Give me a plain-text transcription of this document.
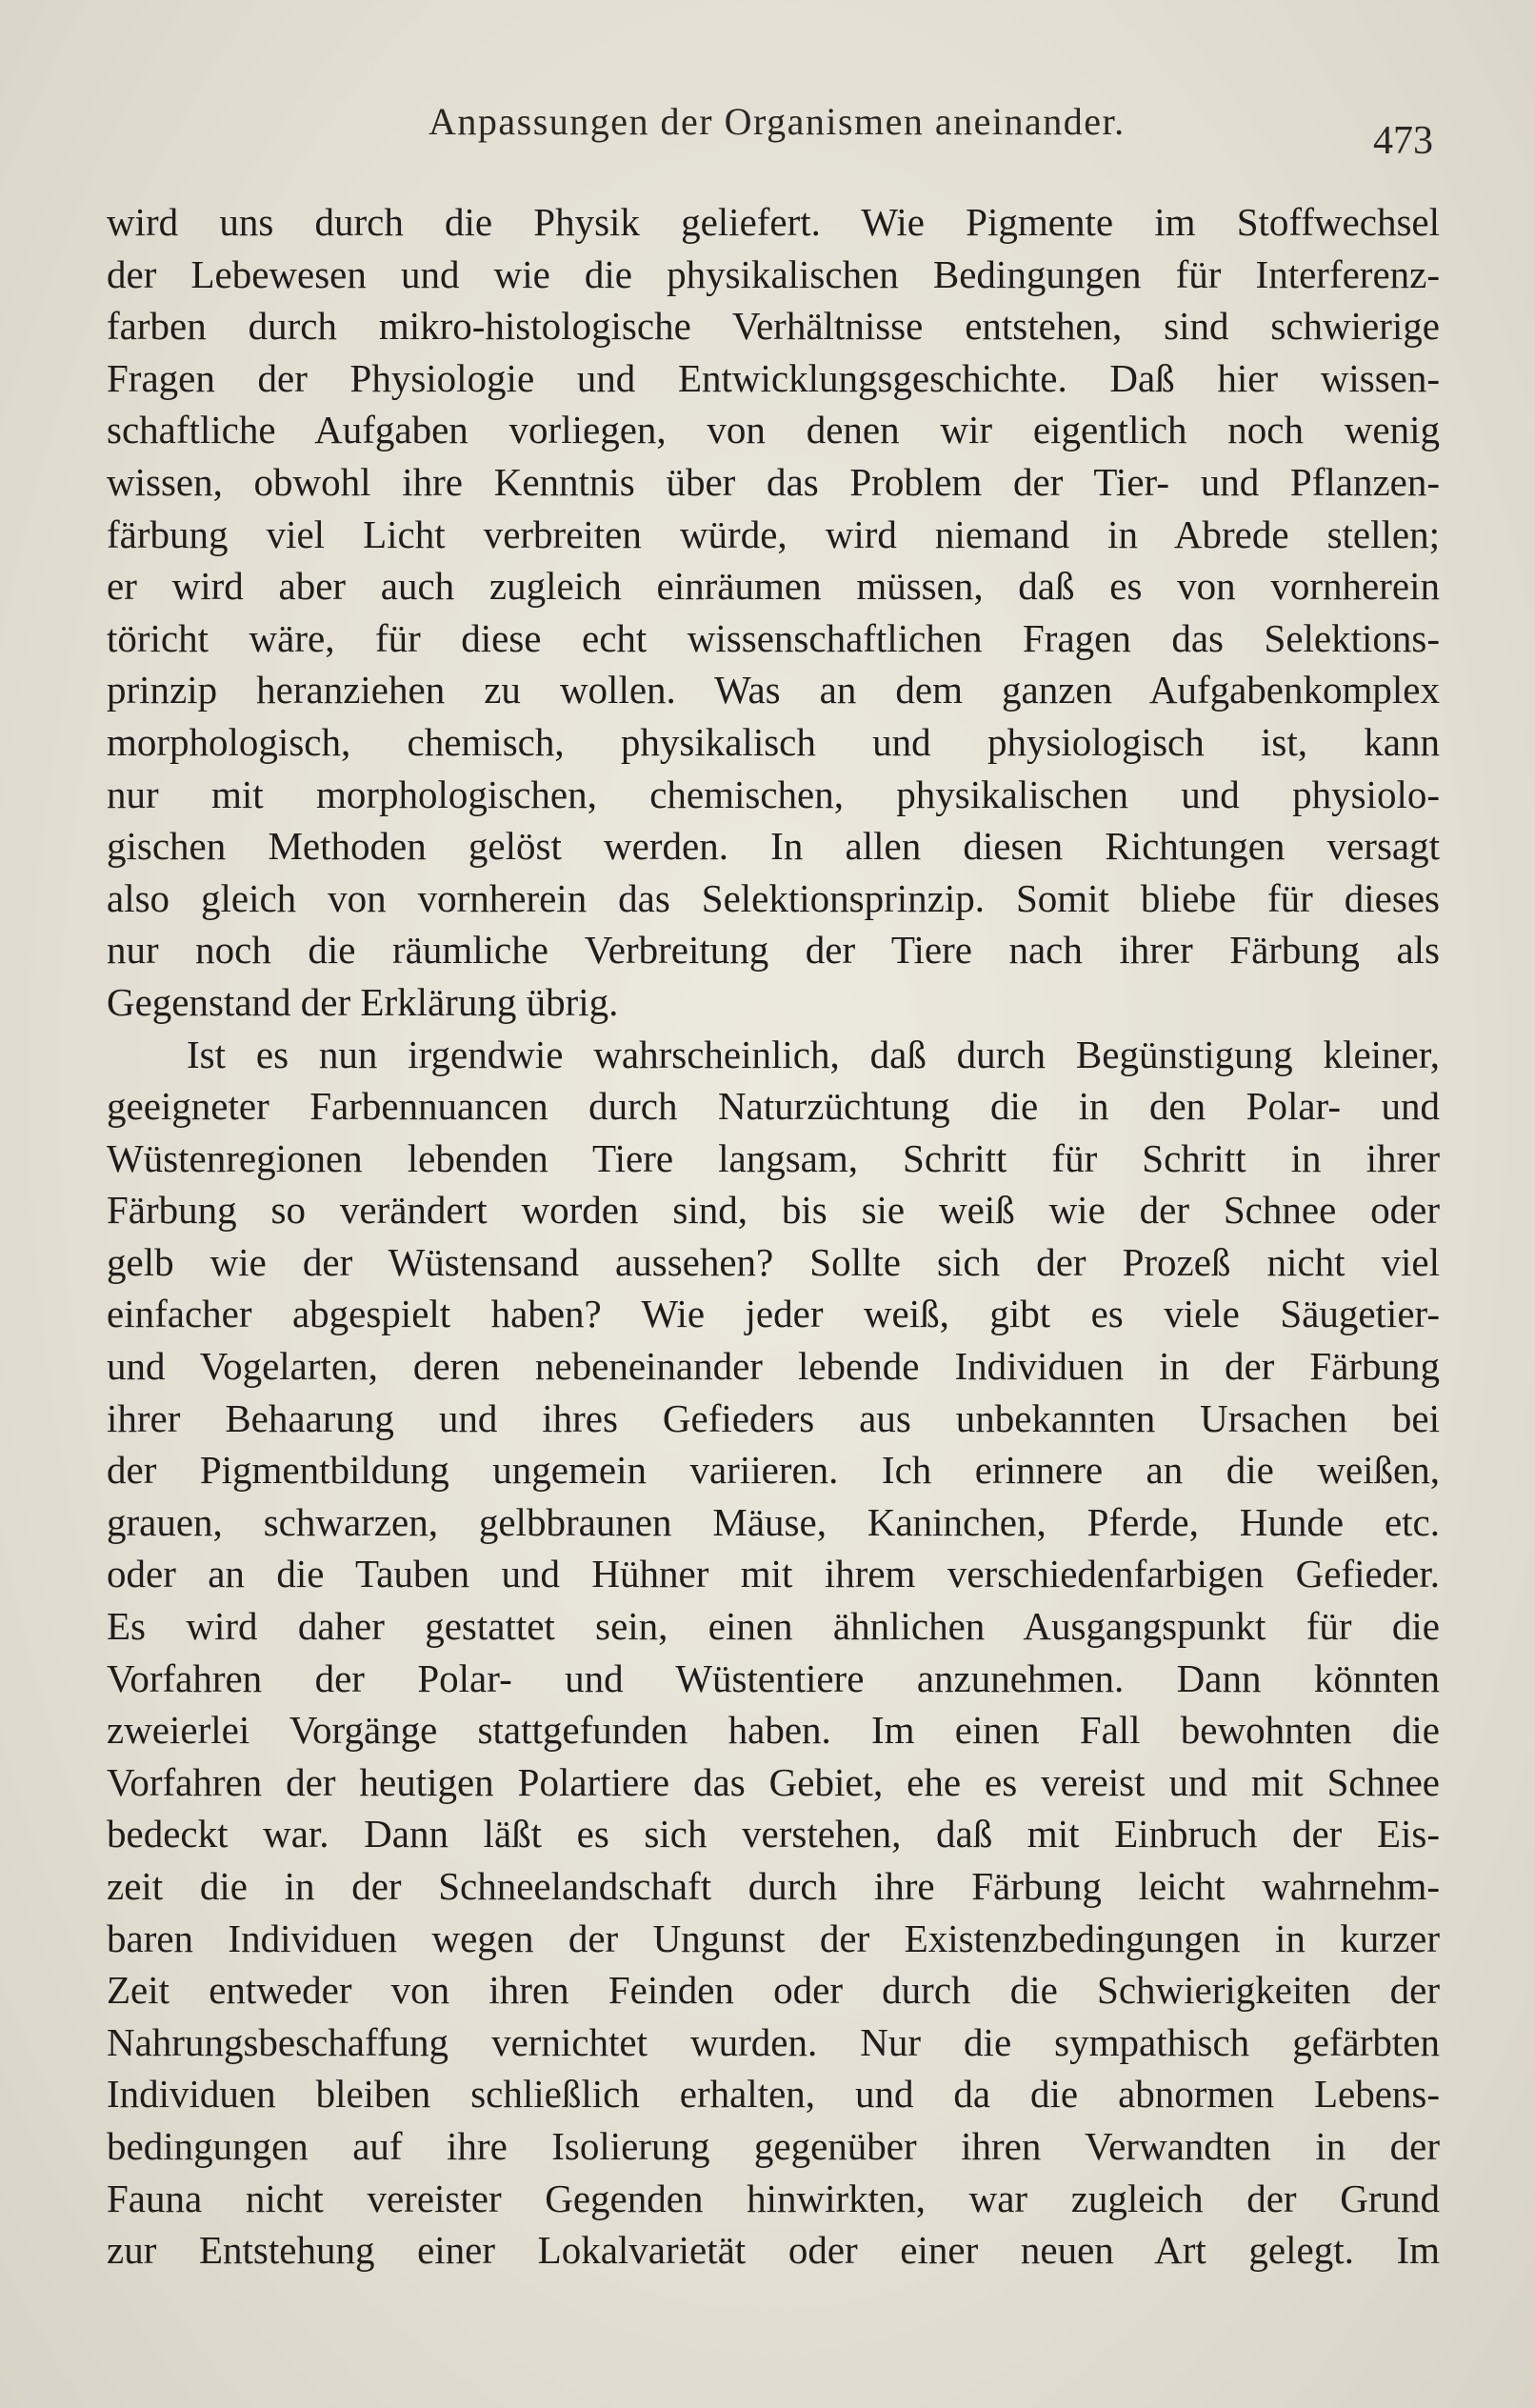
Anpassungen der Organismen aneinander.	473
wird uns durch die Physik geliefert. Wie Pigmente im Stoffwechsel
der Lebewesen und wie die physikalischen Bedingungen für Interferenz-
farben durch mikro-histologische Verhältnisse entstehen, sind schwierige
Fragen der Physiologie und Entwicklungsgeschichte. Daß hier wissen-
schaftliche Aufgaben vorliegen, von denen wir eigentlich noch wenig
wissen, obwohl ihre Kenntnis über das Problem der Tier- und Pflanzen-
färbung viel Licht verbreiten würde, wird niemand in Abrede stellen;
er wird aber auch zugleich einräumen müssen, daß es von vornherein
töricht wäre, für diese echt wissenschaftlichen Fragen das Selektions-
prinzip heranziehen zu wollen. Was an dem ganzen Aufgabenkomplex
morphologisch, chemisch, physikalisch und physiologisch ist, kann
nur mit morphologischen, chemischen, physikalischen und physiolo-
gischen Methoden gelöst werden. In allen diesen Richtungen versagt
also gleich von vornherein das Selektionsprinzip. Somit bliebe für dieses
nur noch die räumliche Verbreitung der Tiere nach ihrer Färbung als
Gegenstand der Erklärung übrig.
Ist es nun irgendwie wahrscheinlich, daß durch Begünstigung kleiner,
geeigneter Farbennuancen durch Naturzüchtung die in den Polar- und
Wüstenregionen lebenden Tiere langsam, Schritt für Schritt in ihrer
Färbung so verändert worden sind, bis sie weiß wie der Schnee oder
gelb wie der Wüstensand aussehen? Sollte sich der Prozeß nicht viel
einfacher abgespielt haben? Wie jeder weiß, gibt es viele Säugetier-
und Vogelarten, deren nebeneinander lebende Individuen in der Färbung
ihrer Behaarung und ihres Gefieders aus unbekannten Ursachen bei
der Pigmentbildung ungemein variieren. Ich erinnere an die weißen,
grauen, schwarzen, gelbbraunen Mäuse, Kaninchen, Pferde, Hunde etc.
oder an die Tauben und Hühner mit ihrem verschiedenfarbigen Gefieder.
Es wird daher gestattet sein, einen ähnlichen Ausgangspunkt für die
Vorfahren der Polar- und Wüstentiere anzunehmen. Dann könnten
zweierlei Vorgänge stattgefunden haben. Im einen Fall bewohnten die
Vorfahren der heutigen Polartiere das Gebiet, ehe es vereist und mit Schnee
bedeckt war. Dann läßt es sich verstehen, daß mit Einbruch der Eis-
zeit die in der Schneelandschaft durch ihre Färbung leicht wahrnehm-
baren Individuen wegen der Ungunst der Existenzbedingungen in kurzer
Zeit entweder von ihren Feinden oder durch die Schwierigkeiten der
Nahrungsbeschaffung vernichtet wurden. Nur die sympathisch gefärbten
Individuen bleiben schließlich erhalten, und da die abnormen Lebens-
bedingungen auf ihre Isolierung gegenüber ihren Verwandten in der
Fauna nicht vereister Gegenden hinwirkten, war zugleich der Grund
zur Entstehung einer Lokalvarietät oder einer neuen Art gelegt. Im
